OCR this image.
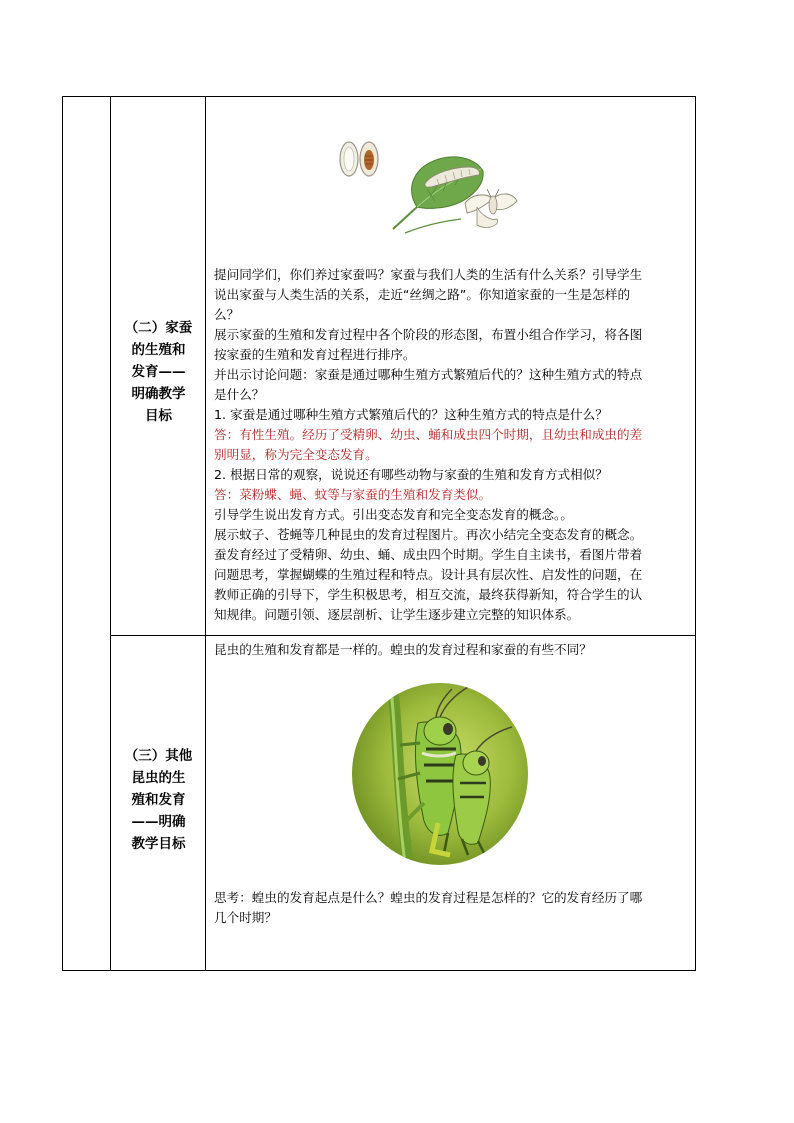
（二）家蚕
的生殖和
发育——
明确教学
目标
（三）其他
昆虫的生
殖和发育
——明确
教学目标

提问同学们，你们养过家蚕吗？家蚕与我们人类的生活有什么关系？引导学生

说出家蚕与人类生活的关系，走近“丝绸之路”。你知道家蚕的一生是怎样的

么？

展示家蚕的生殖和发育过程中各个阶段的形态图，布置小组合作学习，将各图

按家蚕的生殖和发育过程进行排序。

并出示讨论问题：家蚕是通过哪种生殖方式繁殖后代的？这种生殖方式的特点

是什么？

1. 家蚕是通过哪种生殖方式繁殖后代的？这种生殖方式的特点是什么？

答：有性生殖。经历了受精卵、幼虫、蛹和成虫四个时期，且幼虫和成虫的差

别明显，称为完全变态发育。

2. 根据日常的观察，说说还有哪些动物与家蚕的生殖和发育方式相似？

答：菜粉蝶、蝇、蚊等与家蚕的生殖和发育类似。

引导学生说出发育方式。引出变态发育和完全变态发育的概念。。

展示蚊子、苍蝇等几种昆虫的发育过程图片。再次小结完全变态发育的概念。

蚕发育经过了受精卵、幼虫、蛹、成虫四个时期。学生自主读书，看图片带着

问题思考，掌握蝴蝶的生殖过程和特点。设计具有层次性、启发性的问题，在

教师正确的引导下，学生积极思考，相互交流，最终获得新知，符合学生的认

知规律。问题引领、逐层剖析、让学生逐步建立完整的知识体系。

昆虫的生殖和发育都是一样的。蝗虫的发育过程和家蚕的有些不同？

思考：蝗虫的发育起点是什么？蝗虫的发育过程是怎样的？它的发育经历了哪

几个时期？
